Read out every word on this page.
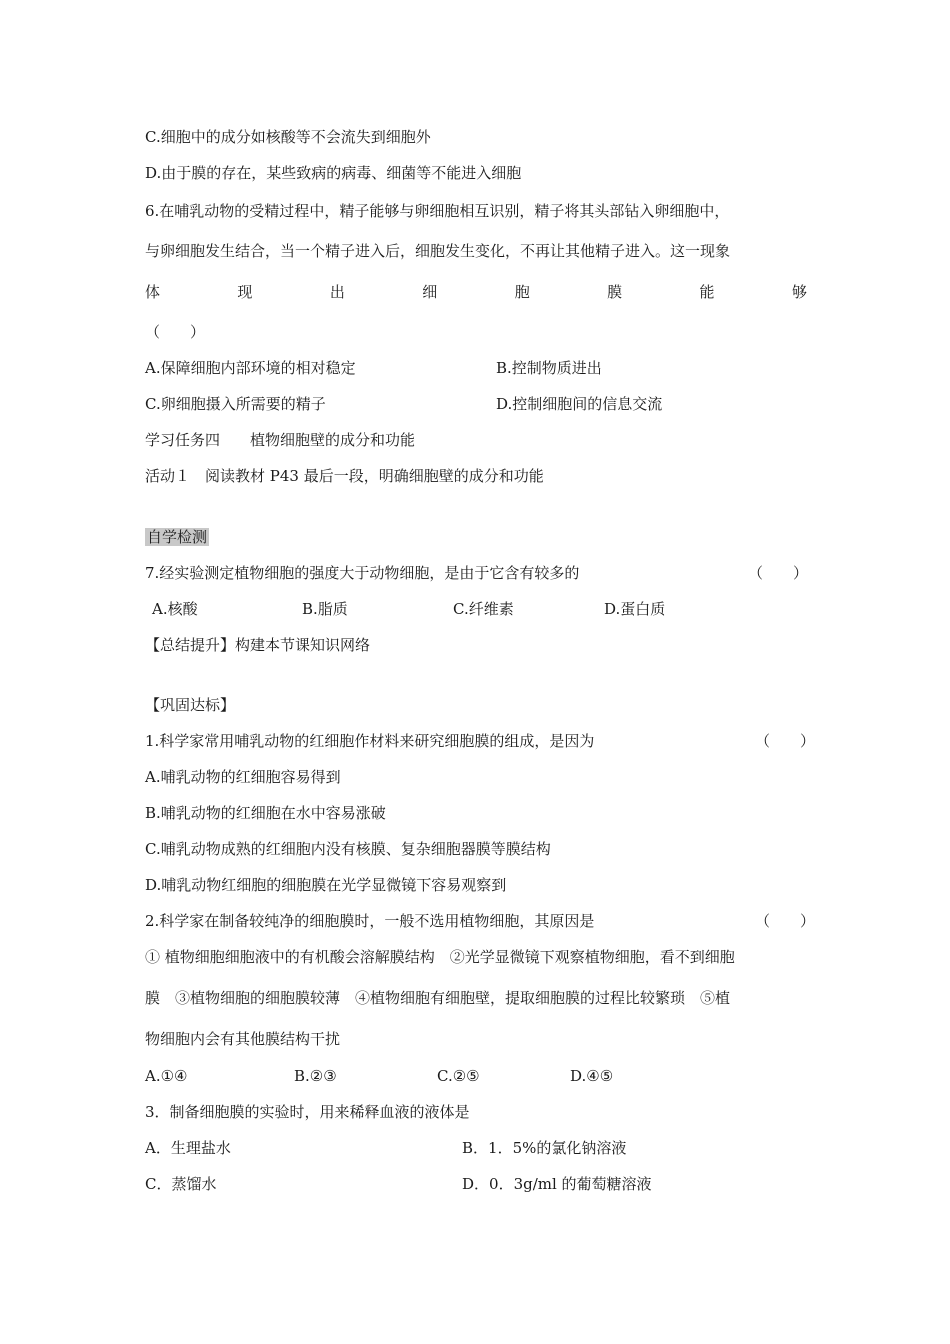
C.细胞中的成分如核酸等不会流失到细胞外
D.由于膜的存在，某些致病的病毒、细菌等不能进入细胞
6.在哺乳动物的受精过程中，精子能够与卵细胞相互识别，精子将其头部钻入卵细胞中，
与卵细胞发生结合，当一个精子进入后，细胞发生变化，不再让其他精子进入。这一现象
体	现	出	细	胞	膜	能	够
（　　）
A.保障细胞内部环境的相对稳定	B.控制物质进出
C.卵细胞摄入所需要的精子	D.控制细胞间的信息交流
学习任务四　　植物细胞壁的成分和功能
活动１　阅读教材 P43 最后一段，明确细胞壁的成分和功能
自学检测
7.经实验测定植物细胞的强度大于动物细胞，是由于它含有较多的	（　　）
A.核酸	B.脂质	C.纤维素	D.蛋白质
【总结提升】构建本节课知识网络
【巩固达标】
1.科学家常用哺乳动物的红细胞作材料来研究细胞膜的组成，是因为	（　　）
A.哺乳动物的红细胞容易得到
B.哺乳动物的红细胞在水中容易涨破
C.哺乳动物成熟的红细胞内没有核膜、复杂细胞器膜等膜结构
D.哺乳动物红细胞的细胞膜在光学显微镜下容易观察到
2.科学家在制备较纯净的细胞膜时，一般不选用植物细胞，其原因是	（　　）
① 植物细胞细胞液中的有机酸会溶解膜结构　②光学显微镜下观察植物细胞，看不到细胞
膜　③植物细胞的细胞膜较薄　④植物细胞有细胞壁，提取细胞膜的过程比较繁琐　⑤植
物细胞内会有其他膜结构干扰
A.①④	B.②③	C.②⑤	D.④⑤
3．制备细胞膜的实验时，用来稀释血液的液体是
A．生理盐水	B．1．5%的氯化钠溶液
C．蒸馏水	D．0．3g/ml 的葡萄糖溶液
